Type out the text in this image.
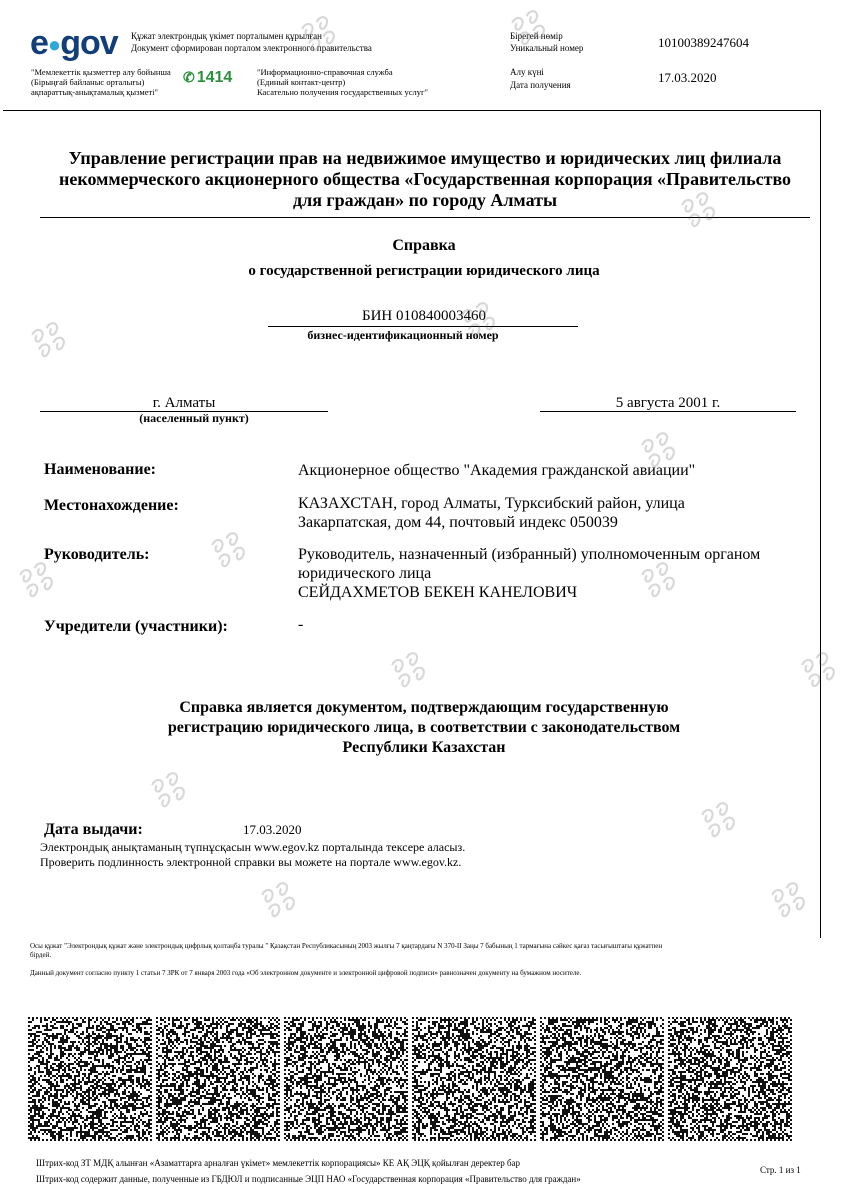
e●gov Құжат электрондық үкімет порталымен құрылған
Документ сформирован порталом электронного правительства
"Мемлекеттік қызметтер алу бойынша
(Бірыңғай байланыс орталығы)
ақпараттық-анықтамалық қызметі"
✆ 1414	"Информационно-справочная служба
(Единый контакт-центр)
Касательно получения государственных услуг"
Бірегей нөмір
Уникальный номер	10100389247604
Алу күні
Дата получения	17.03.2020
Управление регистрации прав на недвижимое имущество и юридических лиц филиала
некоммерческого акционерного общества «Государственная корпорация «Правительство
для граждан» по городу Алматы
Справка
о государственной регистрации юридического лица
БИН 010840003460
бизнес-идентификационный номер
г. Алматы
(населенный пункт)
5 августа 2001 г.
Наименование:	Акционерное общество "Академия гражданской авиации"
Местонахождение:	КАЗАХСТАН, город Алматы, Турксибский район, улица
Закарпатская, дом 44, почтовый индекс 050039
Руководитель:	Руководитель, назначенный (избранный) уполномоченным органом
юридического лица
СЕЙДАХМЕТОВ БЕКЕН КАНЕЛОВИЧ
Учредители (участники):	-
Справка является документом, подтверждающим государственную
регистрацию юридического лица, в соответствии с законодательством
Республики Казахстан
Дата выдачи:	17.03.2020
Электрондық анықтаманың түпнұсқасын www.egov.kz порталында тексере аласыз.
Проверить подлинность электронной справки вы можете на портале www.egov.kz.
Осы құжат "Электрондық құжат және электрондық цифрлық қолтаңба туралы " Қазақстан Республикасының 2003 жылғы 7 қаңтардағы N 370-II Заңы 7 бабының 1 тармағына сәйкес қағаз тасығыштағы құжатпен
бірдей.
Данный документ согласно пункту 1 статьи 7 ЗРК от 7 января 2003 года «Об электронном документе и электронной цифровой подписи» равнозначен документу на бумажном носителе.
Штрих-код ЗТ МДҚ алынған «Азаматтарға арналған үкімет» мемлекеттік корпорациясы» КЕ АҚ ЭЦҚ қойылған деректер бар
Штрих-код содержит данные, полученные из ГБДЮЛ и подписанные ЭЦП НАО «Государственная корпорация «Правительство для граждан»
Стр. 1 из 1
